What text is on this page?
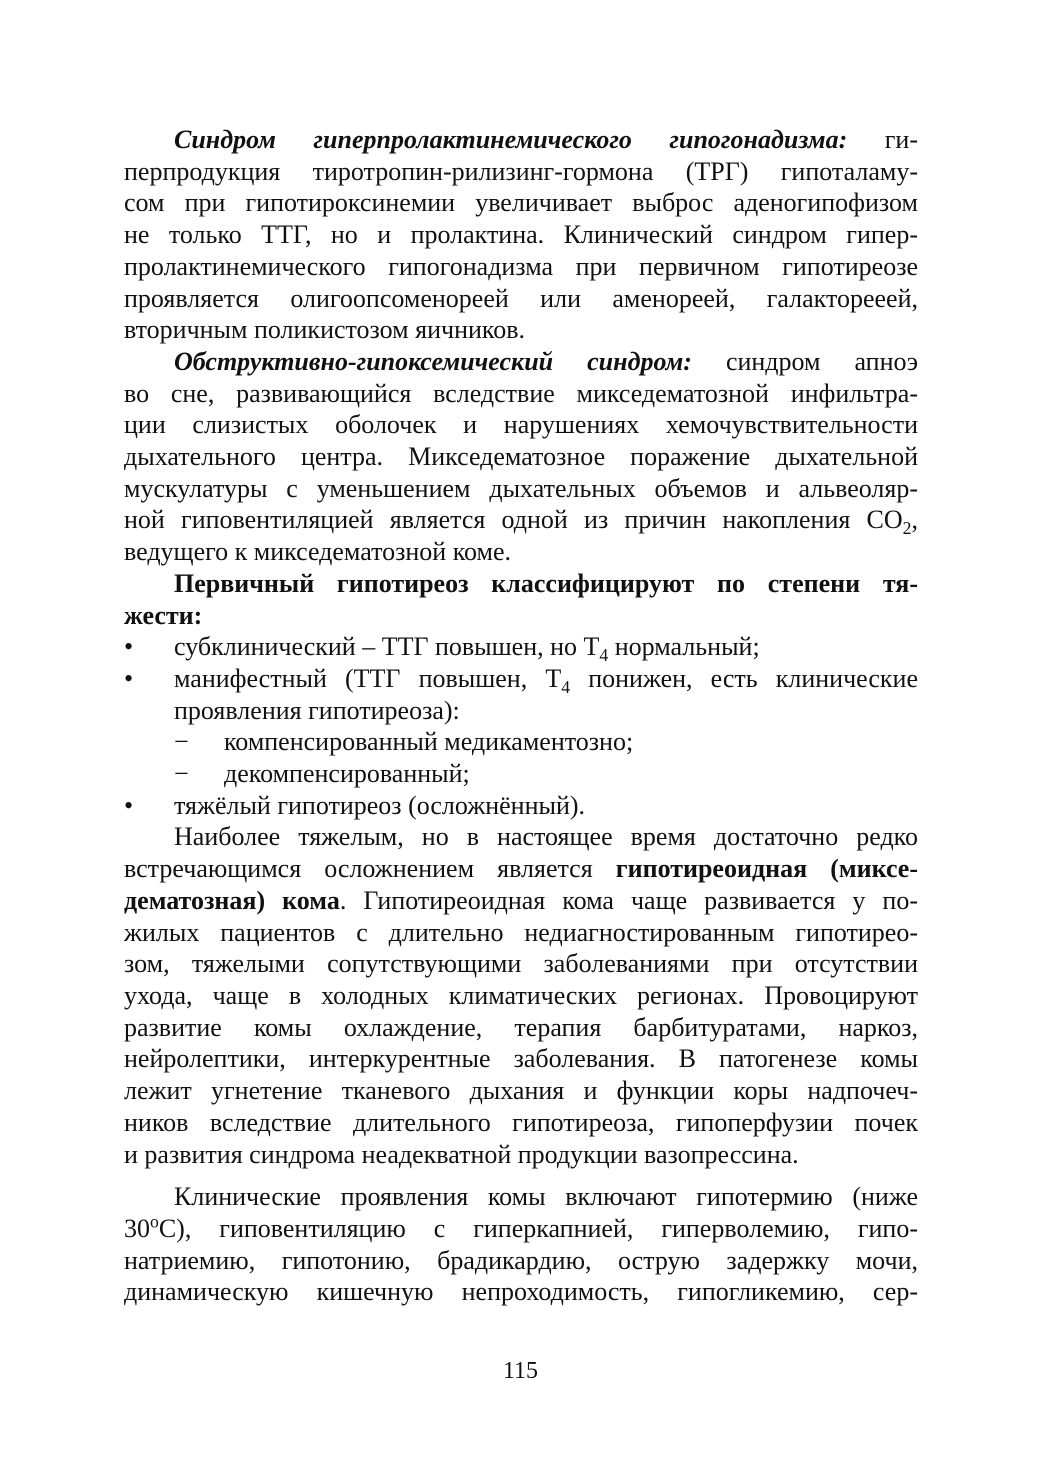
Синдром гиперпролактинемического гипогонадизма: ги-

перпродукция тиротропин-рилизинг-гормона (ТРГ) гипоталаму-

сом при гипотироксинемии увеличивает выброс аденогипофизом

не только ТТГ, но и пролактина. Клинический синдром гипер-

пролактинемического гипогонадизма при первичном гипотиреозе

проявляется олигоопсоменореей или аменореей, галакторееей,

вторичным поликистозом яичников.

Обструктивно-гипоксемический синдром: синдром апноэ

во сне, развивающийся вследствие микседематозной инфильтра-

ции слизистых оболочек и нарушениях хемочувствительности

дыхательного центра. Микседематозное поражение дыхательной

мускулатуры с уменьшением дыхательных объемов и альвеоляр-

ной гиповентиляцией является одной из причин накопления $СО_2$,

ведущего к микседематозной коме.

Первичный гипотиреоз классифицируют по степени тя-

жести:

• субклинический – ТТГ повышен, но $Т_4$ нормальный;

• манифестный (ТТГ повышен, $Т_4$ понижен, есть клинические

проявления гипотиреоза):

− компенсированный медикаментозно;

− декомпенсированный;

• тяжёлый гипотиреоз (осложнённый).

Наиболее тяжелым, но в настоящее время достаточно редко

встречающимся осложнением является гипотиреоидная (миксе-

дематозная) кома. Гипотиреоидная кома чаще развивается у по-

жилых пациентов с длительно недиагностированным гипотирео-

зом, тяжелыми сопутствующими заболеваниями при отсутствии

ухода, чаще в холодных климатических регионах. Провоцируют

развитие комы охлаждение, терапия барбитуратами, наркоз,

нейролептики, интеркурентные заболевания. В патогенезе комы

лежит угнетение тканевого дыхания и функции коры надпочеч-

ников вследствие длительного гипотиреоза, гипоперфузии почек

и развития синдрома неадекватной продукции вазопрессина.

Клинические проявления комы включают гипотермию (ниже

$30^оС$), гиповентиляцию с гиперкапнией, гиперволемию, гипо-

натриемию, гипотонию, брадикардию, острую задержку мочи,

динамическую кишечную непроходимость, гипогликемию, сер-

115
